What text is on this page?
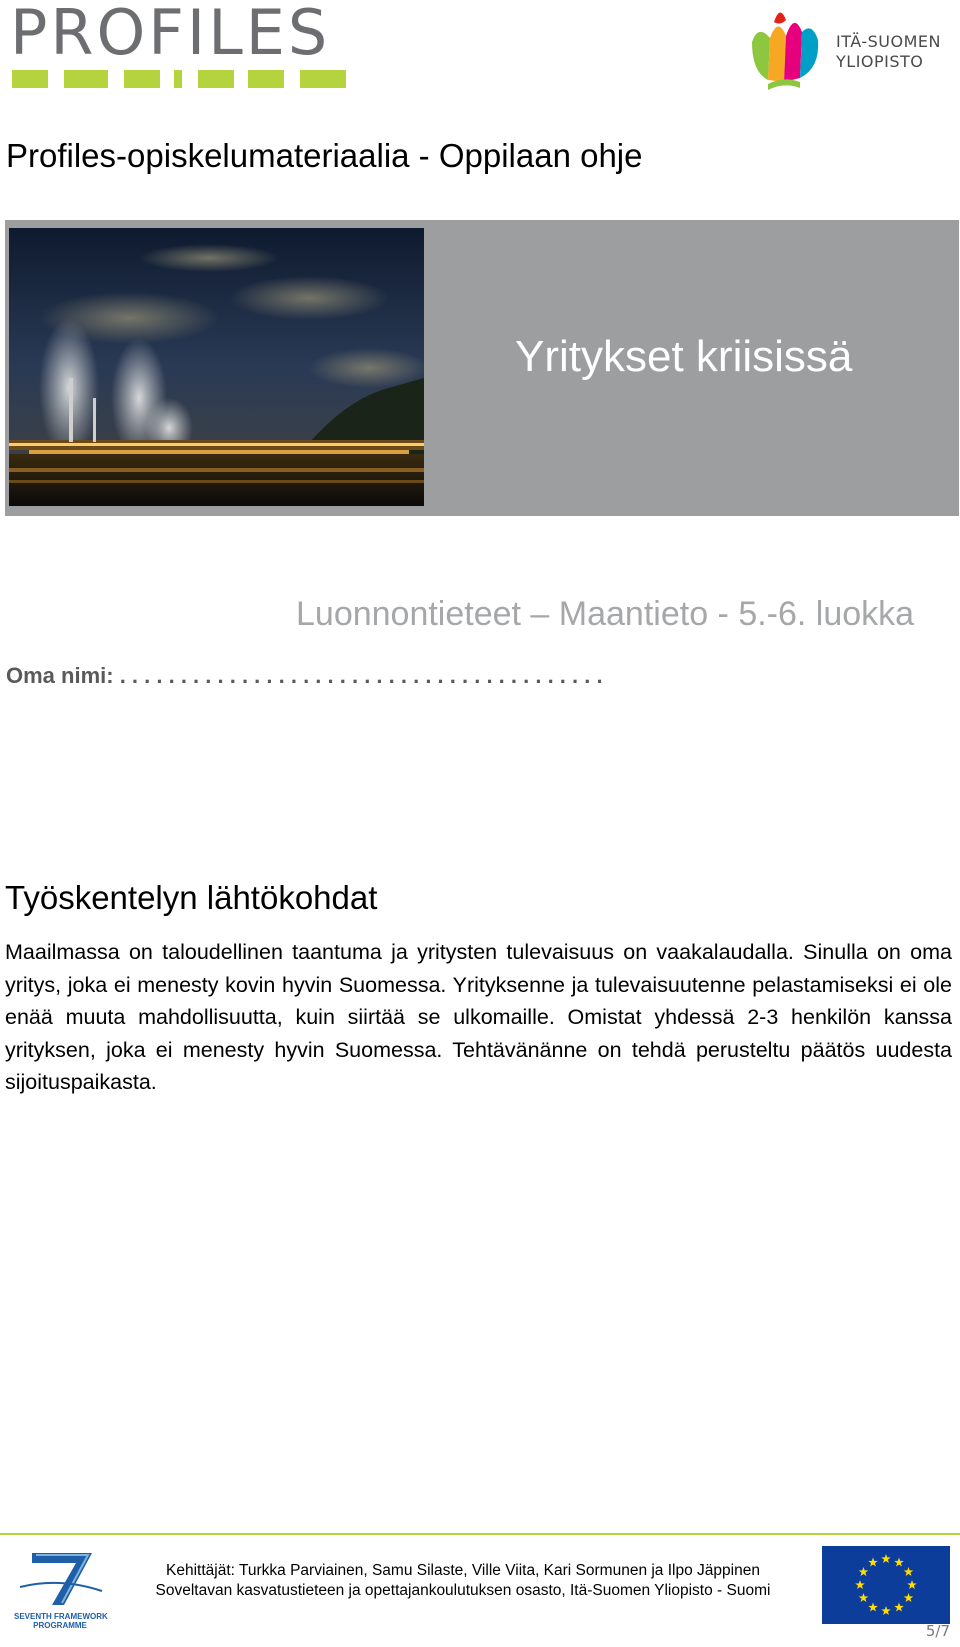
PROFILES	ITÄ-SUOMEN
YLIOPISTO
Profiles-opiskelumateriaalia - Oppilaan ohje
Yritykset kriisissä
Luonnontieteet – Maantieto - 5.-6. luokka
Oma nimi: . . . . . . . . . . . . . . . . . . . . . . . . . . . . . . . . . . . . . . . .
Työskentelyn lähtökohdat
Maailmassa on taloudellinen taantuma ja yritysten tulevaisuus on vaakalaudalla. Sinulla on oma yritys, joka ei menesty kovin hyvin Suomessa. Yrityksenne ja tulevaisuutenne pelastamiseksi ei ole enää muuta mahdollisuutta, kuin siirtää se ulkomaille. Omistat yhdessä 2-3 henkilön kanssa yrityksen, joka ei menesty hyvin Suomessa. Tehtävänänne on tehdä perusteltu päätös uudesta sijoituspaikasta.
SEVENTH FRAMEWORK
PROGRAMME
Kehittäjät: Turkka Parviainen, Samu Silaste, Ville Viita, Kari Sormunen ja Ilpo Jäppinen
Soveltavan kasvatustieteen ja opettajankoulutuksen osasto, Itä-Suomen Yliopisto - Suomi
5/7
